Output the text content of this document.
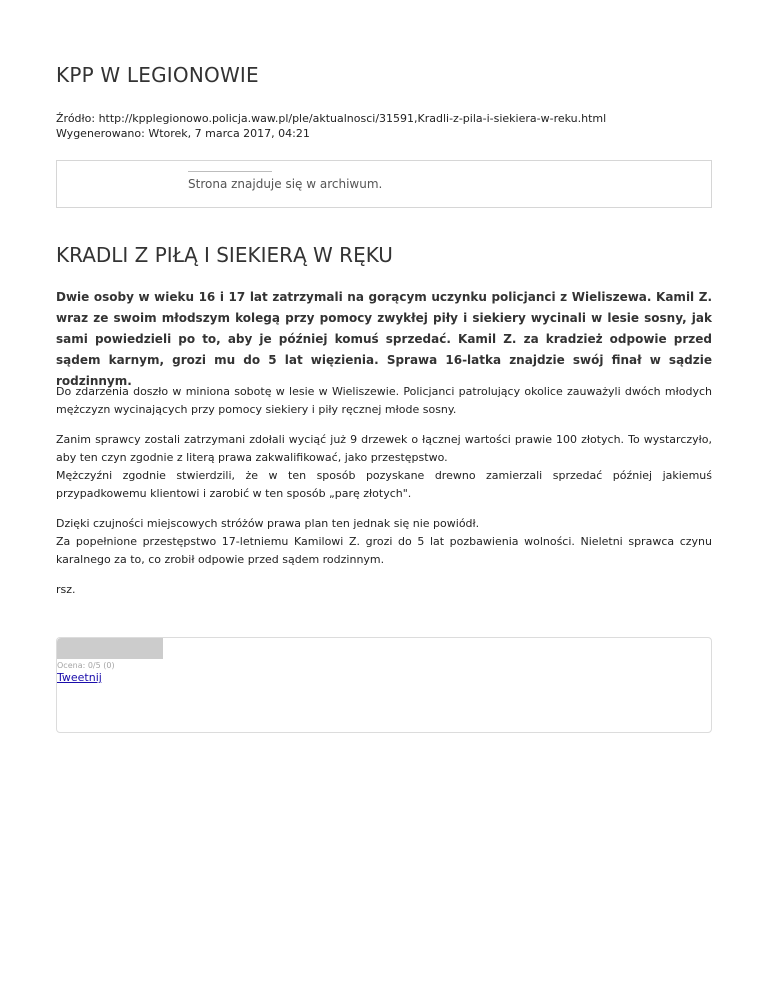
KPP W LEGIONOWIE
Źródło: http://kpplegionowo.policja.waw.pl/ple/aktualnosci/31591,Kradli-z-pila-i-siekiera-w-reku.html
Wygenerowano: Wtorek, 7 marca 2017, 04:21
Strona znajduje się w archiwum.
KRADLI Z PIŁĄ I SIEKIERĄ W RĘKU

Dwie osoby w wieku 16 i 17 lat zatrzymali na gorącym uczynku policjanci z Wieliszewa. Kamil Z. wraz ze swoim młodszym kolegą przy pomocy zwykłej piły i siekiery wycinali w lesie sosny, jak sami powiedzieli po to, aby je później komuś sprzedać. Kamil Z. za kradzież odpowie przed sądem karnym, grozi mu do 5 lat więzienia. Sprawa 16-latka znajdzie swój finał w sądzie rodzinnym.

Do zdarzenia doszło w miniona sobotę w lesie w Wieliszewie. Policjanci patrolujący okolice zauważyli dwóch młodych mężczyzn wycinających przy pomocy siekiery i piły ręcznej młode sosny.

Zanim sprawcy zostali zatrzymani zdołali wyciąć już 9 drzewek o łącznej wartości prawie 100 złotych. To wystarczyło, aby ten czyn zgodnie z literą prawa zakwalifikować, jako przestępstwo.
Mężczyźni zgodnie stwierdzili, że w ten sposób pozyskane drewno zamierzali sprzedać później jakiemuś przypadkowemu klientowi i zarobić w ten sposób „parę złotych".

Dzięki czujności miejscowych stróżów prawa plan ten jednak się nie powiódł.
Za popełnione przestępstwo 17-letniemu Kamilowi Z. grozi do 5 lat pozbawienia wolności. Nieletni sprawca czynu karalnego za to, co zrobił odpowie przed sądem rodzinnym.

rsz.

Ocena: 0/5 (0)
Tweetnij
